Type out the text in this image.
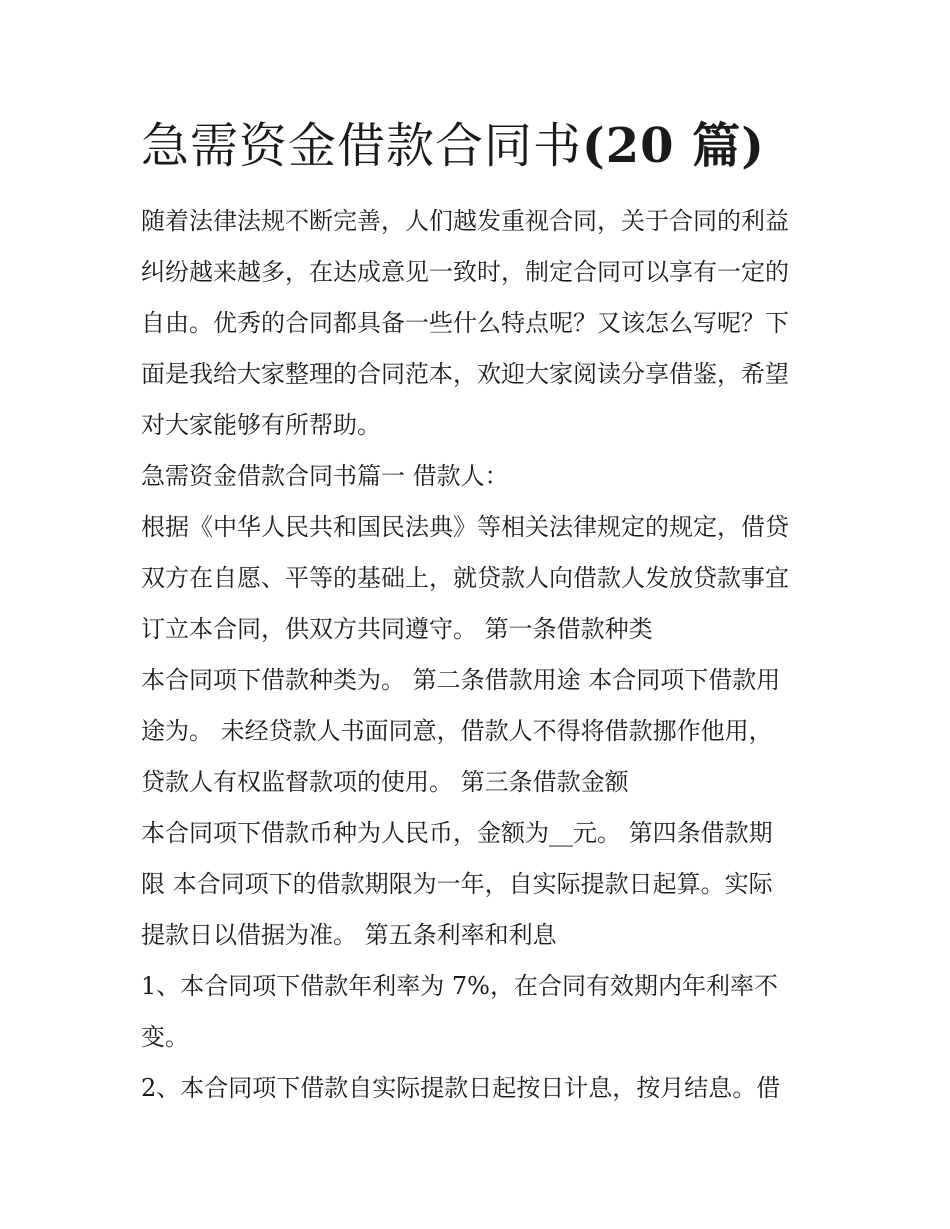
急需资金借款合同书(20 篇)

随着法律法规不断完善，人们越发重视合同，关于合同的利益

纠纷越来越多，在达成意见一致时，制定合同可以享有一定的

自由。优秀的合同都具备一些什么特点呢？又该怎么写呢？下

面是我给大家整理的合同范本，欢迎大家阅读分享借鉴，希望

对大家能够有所帮助。

急需资金借款合同书篇一 借款人：

根据《中华人民共和国民法典》等相关法律规定的规定，借贷

双方在自愿、平等的基础上，就贷款人向借款人发放贷款事宜

订立本合同，供双方共同遵守。 第一条借款种类

本合同项下借款种类为。 第二条借款用途 本合同项下借款用

途为。 未经贷款人书面同意，借款人不得将借款挪作他用，

贷款人有权监督款项的使用。 第三条借款金额

本合同项下借款币种为人民币，金额为__元。 第四条借款期

限 本合同项下的借款期限为一年，自实际提款日起算。实际

提款日以借据为准。 第五条利率和利息

1、本合同项下借款年利率为 7%，在合同有效期内年利率不

变。

2、本合同项下借款自实际提款日起按日计息，按月结息。借
